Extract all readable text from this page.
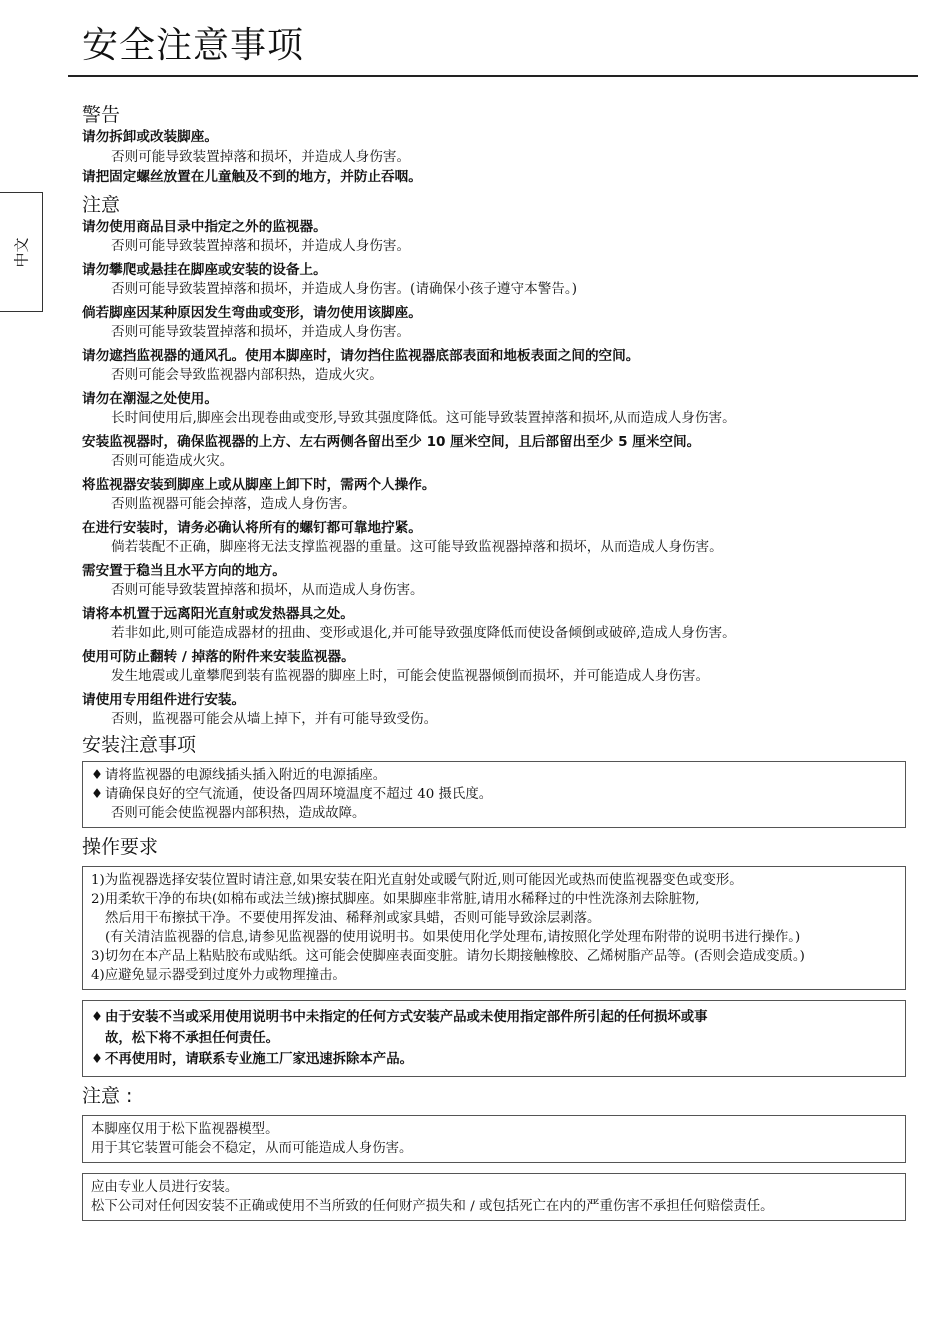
安全注意事项
中文
警告
请勿拆卸或改装脚座。
否则可能导致装置掉落和损坏，并造成人身伤害。
请把固定螺丝放置在儿童触及不到的地方，并防止吞咽。
注意
请勿使用商品目录中指定之外的监视器。
否则可能导致装置掉落和损坏，并造成人身伤害。
请勿攀爬或悬挂在脚座或安装的设备上。
否则可能导致装置掉落和损坏，并造成人身伤害。(请确保小孩子遵守本警告。)
倘若脚座因某种原因发生弯曲或变形，请勿使用该脚座。
否则可能导致装置掉落和损坏，并造成人身伤害。
请勿遮挡监视器的通风孔。使用本脚座时，请勿挡住监视器底部表面和地板表面之间的空间。
否则可能会导致监视器内部积热，造成火灾。
请勿在潮湿之处使用。
长时间使用后,脚座会出现卷曲或变形,导致其强度降低。这可能导致装置掉落和损坏,从而造成人身伤害。
安装监视器时，确保监视器的上方、左右两侧各留出至少 10 厘米空间，且后部留出至少 5 厘米空间。
否则可能造成火灾。
将监视器安装到脚座上或从脚座上卸下时，需两个人操作。
否则监视器可能会掉落，造成人身伤害。
在进行安装时，请务必确认将所有的螺钉都可靠地拧紧。
倘若装配不正确，脚座将无法支撑监视器的重量。这可能导致监视器掉落和损坏，从而造成人身伤害。
需安置于稳当且水平方向的地方。
否则可能导致装置掉落和损坏，从而造成人身伤害。
请将本机置于远离阳光直射或发热器具之处。
若非如此,则可能造成器材的扭曲、变形或退化,并可能导致强度降低而使设备倾倒或破碎,造成人身伤害。
使用可防止翻转 / 掉落的附件来安装监视器。
发生地震或儿童攀爬到装有监视器的脚座上时，可能会使监视器倾倒而损坏，并可能造成人身伤害。
请使用专用组件进行安装。
否则，监视器可能会从墙上掉下，并有可能导致受伤。
安装注意事项
♦ 请将监视器的电源线插头插入附近的电源插座。
♦ 请确保良好的空气流通，使设备四周环境温度不超过 40 摄氏度。
否则可能会使监视器内部积热，造成故障。
操作要求
1)为监视器选择安装位置时请注意,如果安装在阳光直射处或暖气附近,则可能因光或热而使监视器变色或变形。
2)用柔软干净的布块(如棉布或法兰绒)擦拭脚座。如果脚座非常脏,请用水稀释过的中性洗涤剂去除脏物,
然后用干布擦拭干净。不要使用挥发油、稀释剂或家具蜡，否则可能导致涂层剥落。
(有关清洁监视器的信息,请参见监视器的使用说明书。如果使用化学处理布,请按照化学处理布附带的说明书进行操作。)
3)切勿在本产品上粘贴胶布或贴纸。这可能会使脚座表面变脏。请勿长期接触橡胶、乙烯树脂产品等。(否则会造成变质。)
4)应避免显示器受到过度外力或物理撞击。
♦ 由于安装不当或采用使用说明书中未指定的任何方式安装产品或未使用指定部件所引起的任何损坏或事
故，松下将不承担任何责任。
♦ 不再使用时，请联系专业施工厂家迅速拆除本产品。
注意 :
本脚座仅用于松下监视器模型。
用于其它装置可能会不稳定，从而可能造成人身伤害。
应由专业人员进行安装。
松下公司对任何因安装不正确或使用不当所致的任何财产损失和 / 或包括死亡在内的严重伤害不承担任何赔偿责任。
